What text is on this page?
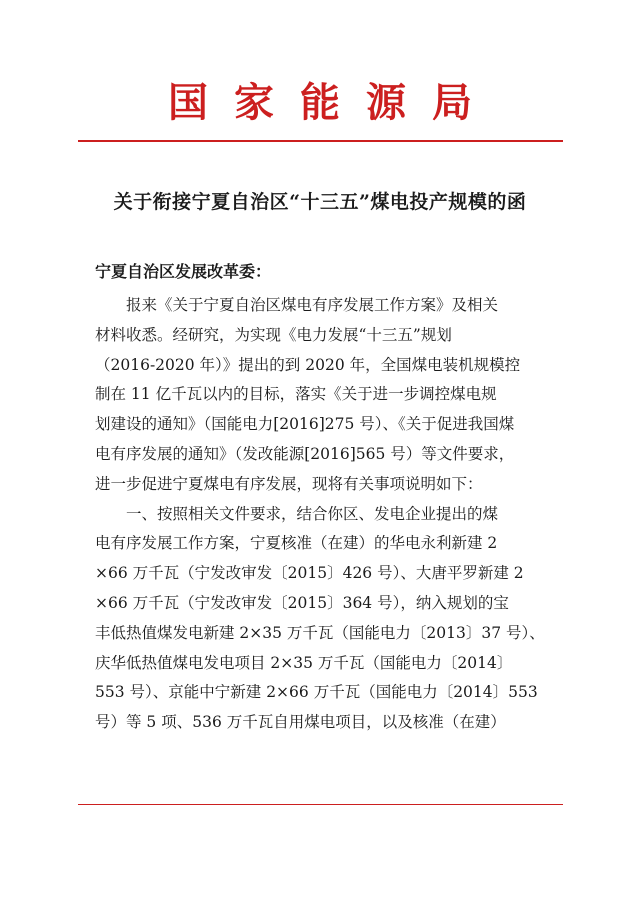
国家能源局
关于衔接宁夏自治区“十三五”煤电投产规模的函
宁夏自治区发展改革委：
　　报来《关于宁夏自治区煤电有序发展工作方案》及相关
材料收悉。经研究，为实现《电力发展“十三五”规划
（2016-2020 年）》提出的到 2020 年，全国煤电装机规模控
制在 11 亿千瓦以内的目标，落实《关于进一步调控煤电规
划建设的通知》（国能电力[2016]275 号）、《关于促进我国煤
电有序发展的通知》（发改能源[2016]565 号）等文件要求，
进一步促进宁夏煤电有序发展，现将有关事项说明如下：
　　一、按照相关文件要求，结合你区、发电企业提出的煤
电有序发展工作方案，宁夏核准（在建）的华电永利新建 2
×66 万千瓦（宁发改审发〔2015〕426 号）、大唐平罗新建 2
×66 万千瓦（宁发改审发〔2015〕364 号），纳入规划的宝
丰低热值煤发电新建 2×35 万千瓦（国能电力〔2013〕37 号）、
庆华低热值煤电发电项目 2×35 万千瓦（国能电力〔2014〕
553 号）、京能中宁新建 2×66 万千瓦（国能电力〔2014〕553
号）等 5 项、536 万千瓦自用煤电项目，以及核准（在建）
